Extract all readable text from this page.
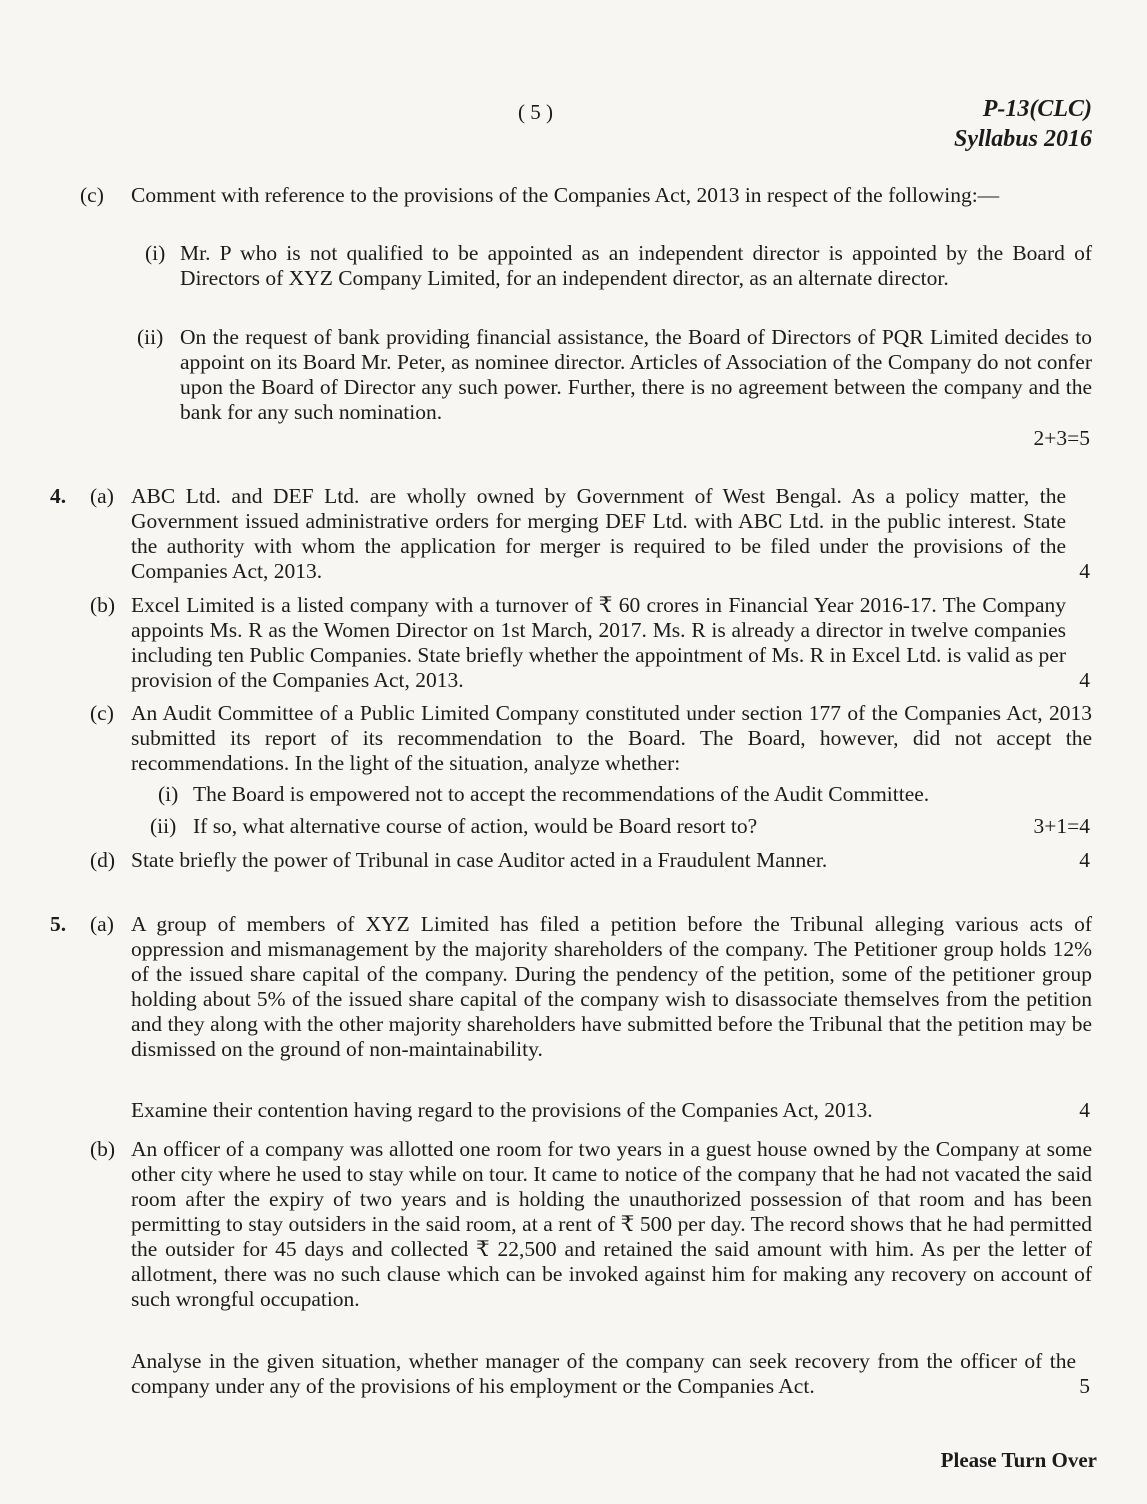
( 5 )	P-13(CLC)
Syllabus 2016
(c) Comment with reference to the provisions of the Companies Act, 2013 in respect of the following:—
(i) Mr. P who is not qualified to be appointed as an independent director is appointed by the Board of Directors of XYZ Company Limited, for an independent director, as an alternate director.
(ii) On the request of bank providing financial assistance, the Board of Directors of PQR Limited decides to appoint on its Board Mr. Peter, as nominee director. Articles of Association of the Company do not confer upon the Board of Director any such power. Further, there is no agreement between the company and the bank for any such nomination.
2+3=5
4. (a) ABC Ltd. and DEF Ltd. are wholly owned by Government of West Bengal. As a policy matter, the Government issued administrative orders for merging DEF Ltd. with ABC Ltd. in the public interest. State the authority with whom the application for merger is required to be filed under the provisions of the Companies Act, 2013.	4
(b) Excel Limited is a listed company with a turnover of ₹ 60 crores in Financial Year 2016-17. The Company appoints Ms. R as the Women Director on 1st March, 2017. Ms. R is already a director in twelve companies including ten Public Companies. State briefly whether the appointment of Ms. R in Excel Ltd. is valid as per provision of the Companies Act, 2013.	4
(c) An Audit Committee of a Public Limited Company constituted under section 177 of the Companies Act, 2013 submitted its report of its recommendation to the Board. The Board, however, did not accept the recommendations. In the light of the situation, analyze whether:
(i) The Board is empowered not to accept the recommendations of the Audit Committee.
(ii) If so, what alternative course of action, would be Board resort to?	3+1=4
(d) State briefly the power of Tribunal in case Auditor acted in a Fraudulent Manner.	4
5. (a) A group of members of XYZ Limited has filed a petition before the Tribunal alleging various acts of oppression and mismanagement by the majority shareholders of the company. The Petitioner group holds 12% of the issued share capital of the company. During the pendency of the petition, some of the petitioner group holding about 5% of the issued share capital of the company wish to disassociate themselves from the petition and they along with the other majority shareholders have submitted before the Tribunal that the petition may be dismissed on the ground of non-maintainability.
Examine their contention having regard to the provisions of the Companies Act, 2013.	4
(b) An officer of a company was allotted one room for two years in a guest house owned by the Company at some other city where he used to stay while on tour. It came to notice of the company that he had not vacated the said room after the expiry of two years and is holding the unauthorized possession of that room and has been permitting to stay outsiders in the said room, at a rent of ₹ 500 per day. The record shows that he had permitted the outsider for 45 days and collected ₹ 22,500 and retained the said amount with him. As per the letter of allotment, there was no such clause which can be invoked against him for making any recovery on account of such wrongful occupation.
Analyse in the given situation, whether manager of the company can seek recovery from the officer of the company under any of the provisions of his employment or the Companies Act.	5
Please Turn Over
